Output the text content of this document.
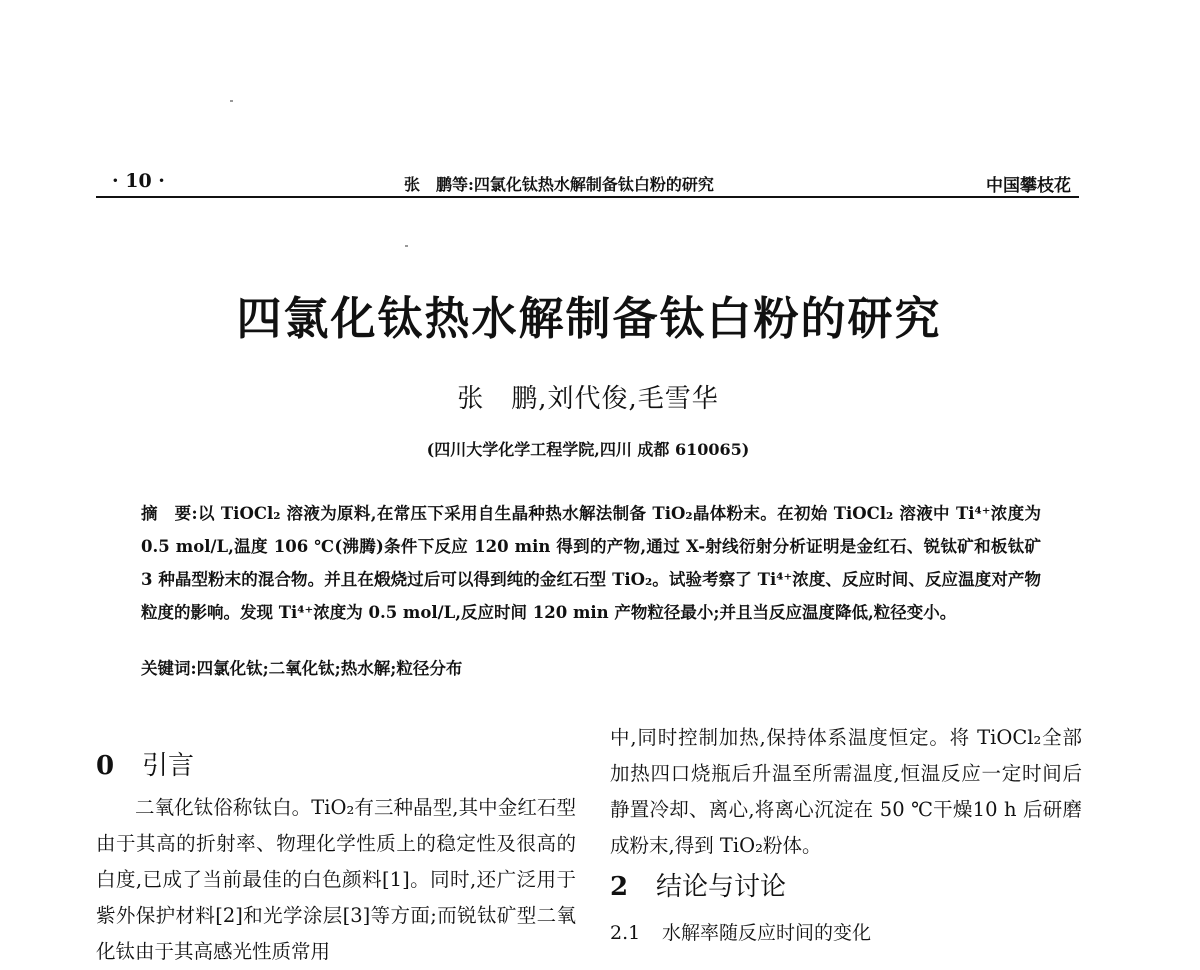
· 10 ·	张　鹏等:四氯化钛热水解制备钛白粉的研究	中国攀枝花
四氯化钛热水解制备钛白粉的研究
张　鹏,刘代俊,毛雪华
(四川大学化学工程学院,四川 成都 610065)
摘　要:以 TiOCl₂ 溶液为原料,在常压下采用自生晶种热水解法制备 TiO₂晶体粉末。在初始 TiOCl₂ 溶液中 Ti⁴⁺浓度为 0.5 mol/L,温度 106 ℃(沸腾)条件下反应 120 min 得到的产物,通过 X-射线衍射分析证明是金红石、锐钛矿和板钛矿 3 种晶型粉末的混合物。并且在煅烧过后可以得到纯的金红石型 TiO₂。试验考察了 Ti⁴⁺浓度、反应时间、反应温度对产物粒度的影响。发现 Ti⁴⁺浓度为 0.5 mol/L,反应时间 120 min 产物粒径最小;并且当反应温度降低,粒径变小。
关键词:四氯化钛;二氧化钛;热水解;粒径分布
0 引言

二氧化钛俗称钛白。TiO₂有三种晶型,其中金红石型由于其高的折射率、物理化学性质上的稳定性及很高的白度,已成了当前最佳的白色颜料[1]。同时,还广泛用于紫外保护材料[2]和光学涂层[3]等方面;而锐钛矿型二氧化钛由于其高感光性质常用

中,同时控制加热,保持体系温度恒定。将 TiOCl₂全部加热四口烧瓶后升温至所需温度,恒温反应一定时间后静置冷却、离心,将离心沉淀在 50 ℃干燥10 h 后研磨成粉末,得到 TiO₂粉体。

2 结论与讨论
2.1 水解率随反应时间的变化
